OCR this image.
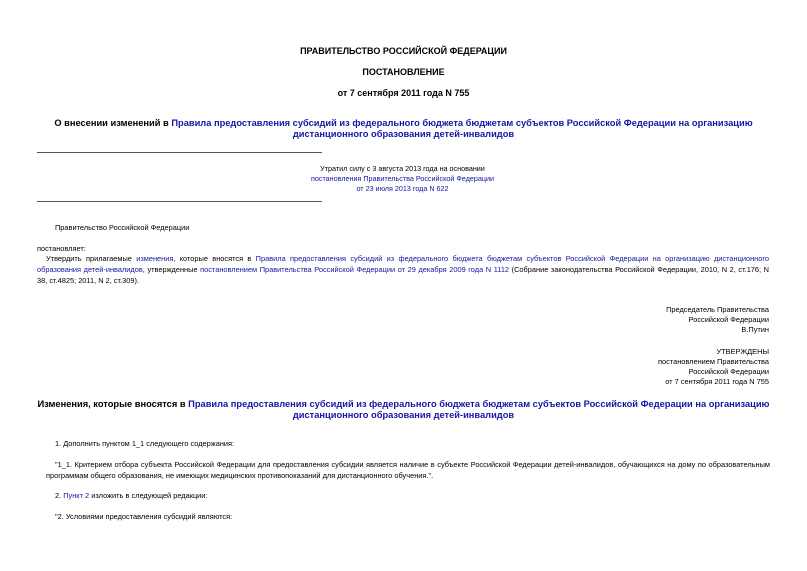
ПРАВИТЕЛЬСТВО РОССИЙСКОЙ ФЕДЕРАЦИИ
ПОСТАНОВЛЕНИЕ
от 7 сентября 2011 года N 755
О внесении изменений в Правила предоставления субсидий из федерального бюджета бюджетам субъектов Российской Федерации на организацию
дистанционного образования детей-инвалидов
Утратил силу с 3 августа 2013 года на основании
постановления Правительства Российской Федерации
от 23 июля 2013 года N 622
Правительство Российской Федерации
постановляет:
Утвердить прилагаемые изменения, которые вносятся в Правила предоставления субсидий из федерального бюджета бюджетам субъектов Российской Федерации на организацию дистанционного образования детей-инвалидов, утвержденные постановлением Правительства Российской Федерации от 29 декабря 2009 года N 1112 (Собрание законодательства Российской Федерации, 2010, N 2, ст.176; N 38, ст.4825; 2011, N 2, ст.309).
Председатель Правительства
Российской Федерации
В.Путин
УТВЕРЖДЕНЫ
постановлением Правительства
Российской Федерации
от 7 сентября 2011 года N 755
Изменения, которые вносятся в Правила предоставления субсидий из федерального бюджета бюджетам субъектов Российской Федерации на организацию
дистанционного образования детей-инвалидов
1. Дополнить пунктом 1_1 следующего содержания:
"1_1. Критерием отбора субъекта Российской Федерации для предоставления субсидии является наличие в субъекте Российской Федерации детей-инвалидов, обучающихся на дому по образовательным программам общего образования, не имеющих медицинских противопоказаний для дистанционного обучения.".
2. Пункт 2 изложить в следующей редакции:
"2. Условиями предоставления субсидий являются:
